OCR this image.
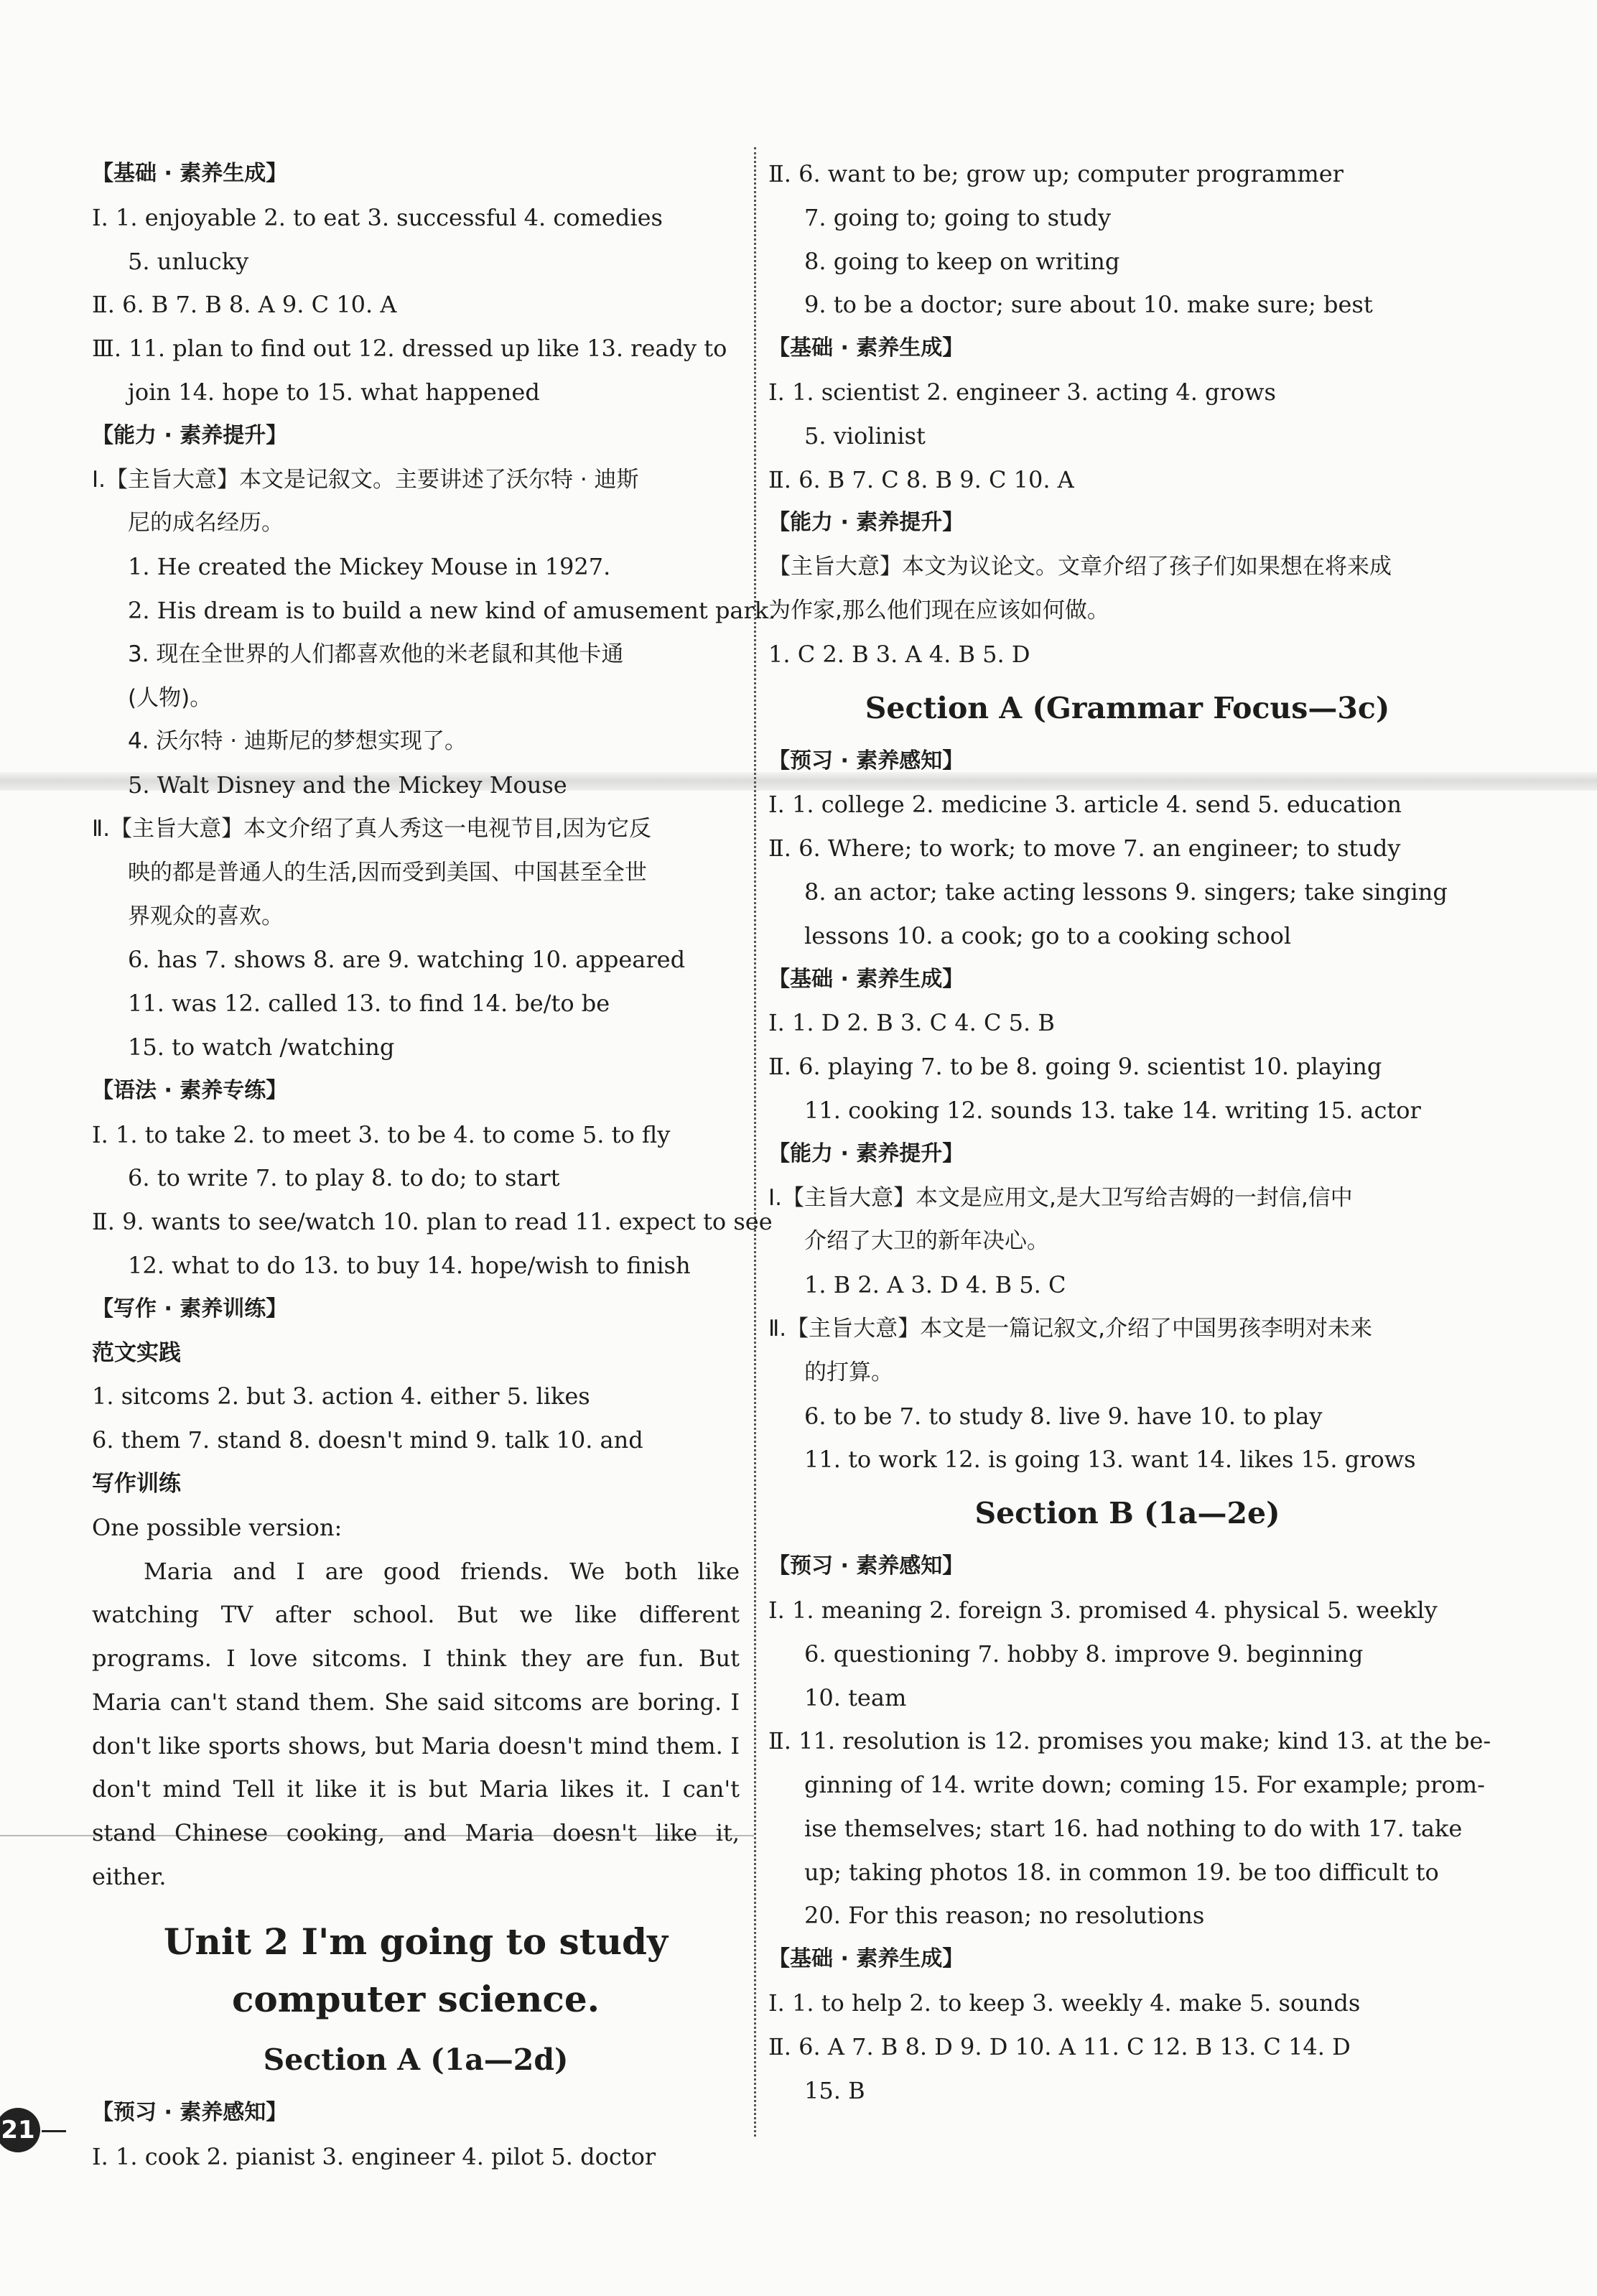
【基础 · 素养生成】
Ⅰ. 1. enjoyable 2. to eat 3. successful 4. comedies
5. unlucky
Ⅱ. 6. B 7. B 8. A 9. C 10. A
Ⅲ. 11. plan to find out 12. dressed up like 13. ready to
join 14. hope to 15. what happened
【能力 · 素养提升】
Ⅰ.【主旨大意】本文是记叙文。主要讲述了沃尔特 · 迪斯
尼的成名经历。
1. He created the Mickey Mouse in 1927.
2. His dream is to build a new kind of amusement park.
3. 现在全世界的人们都喜欢他的米老鼠和其他卡通
(人物)。
4. 沃尔特 · 迪斯尼的梦想实现了。
5. Walt Disney and the Mickey Mouse
Ⅱ.【主旨大意】本文介绍了真人秀这一电视节目,因为它反
映的都是普通人的生活,因而受到美国、中国甚至全世
界观众的喜欢。
6. has 7. shows 8. are 9. watching 10. appeared
11. was 12. called 13. to find 14. be/to be
15. to watch /watching
【语法 · 素养专练】
Ⅰ. 1. to take 2. to meet 3. to be 4. to come 5. to fly
6. to write 7. to play 8. to do; to start
Ⅱ. 9. wants to see/watch 10. plan to read 11. expect to see
12. what to do 13. to buy 14. hope/wish to finish
【写作 · 素养训练】
范文实践
1. sitcoms 2. but 3. action 4. either 5. likes
6. them 7. stand 8. doesn't mind 9. talk 10. and
写作训练
One possible version:
Maria and I are good friends. We both like watching TV after school. But we like different programs. I love sitcoms. I think they are fun. But Maria can't stand them. She said sitcoms are boring. I don't like sports shows, but Maria doesn't mind them. I don't mind Tell it like it is but Maria likes it. I can't stand Chinese cooking, and Maria doesn't like it, either.
Unit 2 I'm going to study
computer science.
Section A (1a—2d)
【预习 · 素养感知】
Ⅰ. 1. cook 2. pianist 3. engineer 4. pilot 5. doctor
Ⅱ. 6. want to be; grow up; computer programmer
7. going to; going to study
8. going to keep on writing
9. to be a doctor; sure about 10. make sure; best
【基础 · 素养生成】
Ⅰ. 1. scientist 2. engineer 3. acting 4. grows
5. violinist
Ⅱ. 6. B 7. C 8. B 9. C 10. A
【能力 · 素养提升】
【主旨大意】本文为议论文。文章介绍了孩子们如果想在将来成
为作家,那么他们现在应该如何做。
1. C 2. B 3. A 4. B 5. D
Section A (Grammar Focus—3c)
【预习 · 素养感知】
Ⅰ. 1. college 2. medicine 3. article 4. send 5. education
Ⅱ. 6. Where; to work; to move 7. an engineer; to study
8. an actor; take acting lessons 9. singers; take singing
lessons 10. a cook; go to a cooking school
【基础 · 素养生成】
Ⅰ. 1. D 2. B 3. C 4. C 5. B
Ⅱ. 6. playing 7. to be 8. going 9. scientist 10. playing
11. cooking 12. sounds 13. take 14. writing 15. actor
【能力 · 素养提升】
Ⅰ.【主旨大意】本文是应用文,是大卫写给吉姆的一封信,信中
介绍了大卫的新年决心。
1. B 2. A 3. D 4. B 5. C
Ⅱ.【主旨大意】本文是一篇记叙文,介绍了中国男孩李明对未来
的打算。
6. to be 7. to study 8. live 9. have 10. to play
11. to work 12. is going 13. want 14. likes 15. grows
Section B (1a—2e)
【预习 · 素养感知】
Ⅰ. 1. meaning 2. foreign 3. promised 4. physical 5. weekly
6. questioning 7. hobby 8. improve 9. beginning
10. team
Ⅱ. 11. resolution is 12. promises you make; kind 13. at the be-
ginning of 14. write down; coming 15. For example; prom-
ise themselves; start 16. had nothing to do with 17. take
up; taking photos 18. in common 19. be too difficult to
20. For this reason; no resolutions
【基础 · 素养生成】
Ⅰ. 1. to help 2. to keep 3. weekly 4. make 5. sounds
Ⅱ. 6. A 7. B 8. D 9. D 10. A 11. C 12. B 13. C 14. D
15. B
21
